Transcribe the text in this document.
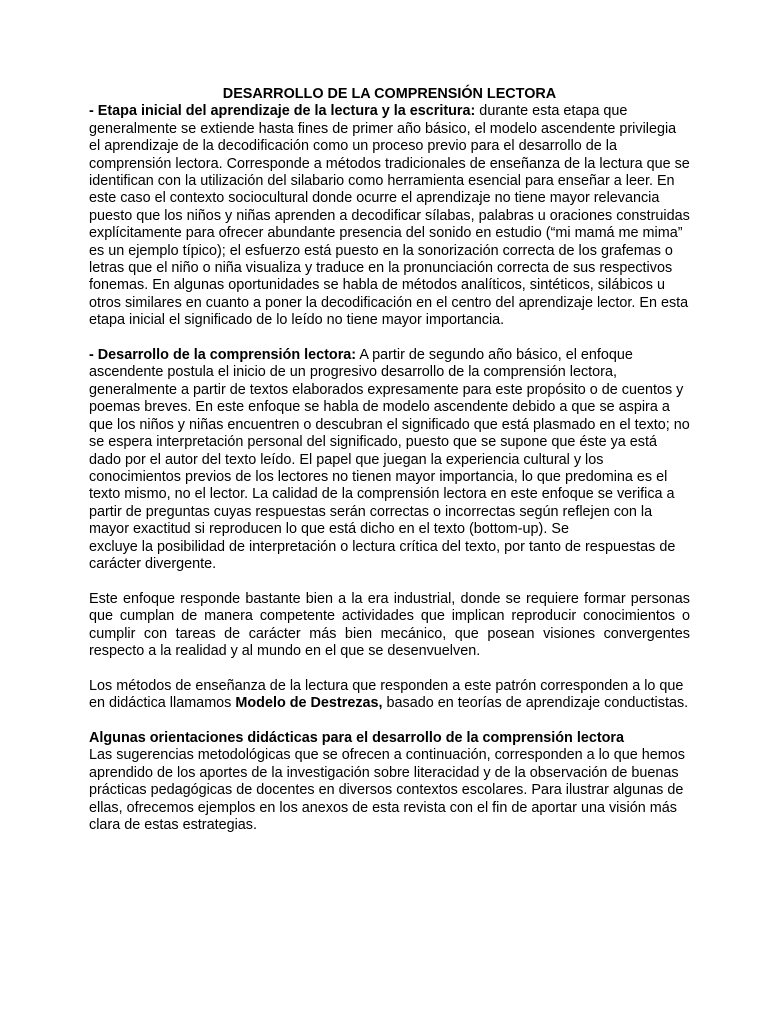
DESARROLLO DE LA COMPRENSIÓN LECTORA

- Etapa inicial del aprendizaje de la lectura y la escritura: durante esta etapa que generalmente se extiende hasta fines de primer año básico, el modelo ascendente privilegia el aprendizaje de la decodificación como un proceso previo para el desarrollo de la comprensión lectora. Corresponde a métodos tradicionales de enseñanza de la lectura que se identifican con la utilización del silabario como herramienta esencial para enseñar a leer. En este caso el contexto sociocultural donde ocurre el aprendizaje no tiene mayor relevancia puesto que los niños y niñas aprenden a decodificar sílabas, palabras u oraciones construidas explícitamente para ofrecer abundante presencia del sonido en estudio (“mi mamá me mima” es un ejemplo típico); el esfuerzo está puesto en la sonorización correcta de los grafemas o letras que el niño o niña visualiza y traduce en la pronunciación correcta de sus respectivos fonemas. En algunas oportunidades se habla de métodos analíticos, sintéticos, silábicos u otros similares en cuanto a poner la decodificación en el centro del aprendizaje lector. En esta etapa inicial el significado de lo leído no tiene mayor importancia.

- Desarrollo de la comprensión lectora: A partir de segundo año básico, el enfoque ascendente postula el inicio de un progresivo desarrollo de la comprensión lectora, generalmente a partir de textos elaborados expresamente para este propósito o de cuentos y poemas breves. En este enfoque se habla de modelo ascendente debido a que se aspira a que los niños y niñas encuentren o descubran el significado que está plasmado en el texto; no se espera interpretación personal del significado, puesto que se supone que éste ya está dado por el autor del texto leído. El papel que juegan la experiencia cultural y los conocimientos previos de los lectores no tienen mayor importancia, lo que predomina es el texto mismo, no el lector. La calidad de la comprensión lectora en este enfoque se verifica a partir de preguntas cuyas respuestas serán correctas o incorrectas según reflejen con la mayor exactitud si reproducen lo que está dicho en el texto (bottom-up). Se

excluye la posibilidad de interpretación o lectura crítica del texto, por tanto de respuestas de carácter divergente.

Este enfoque responde bastante bien a la era industrial, donde se requiere formar personas que cumplan de manera competente actividades que implican reproducir conocimientos o cumplir con tareas de carácter más bien mecánico, que posean visiones convergentes respecto a la realidad y al mundo en el que se desenvuelven.

Los métodos de enseñanza de la lectura que responden a este patrón corresponden a lo que en didáctica llamamos Modelo de Destrezas, basado en teorías de aprendizaje conductistas.

Algunas orientaciones didácticas para el desarrollo de la comprensión lectora

Las sugerencias metodológicas que se ofrecen a continuación, corresponden a lo que hemos aprendido de los aportes de la investigación sobre literacidad y de la observación de buenas prácticas pedagógicas de docentes en diversos contextos escolares. Para ilustrar algunas de ellas, ofrecemos ejemplos en los anexos de esta revista con el fin de aportar una visión más clara de estas estrategias.
